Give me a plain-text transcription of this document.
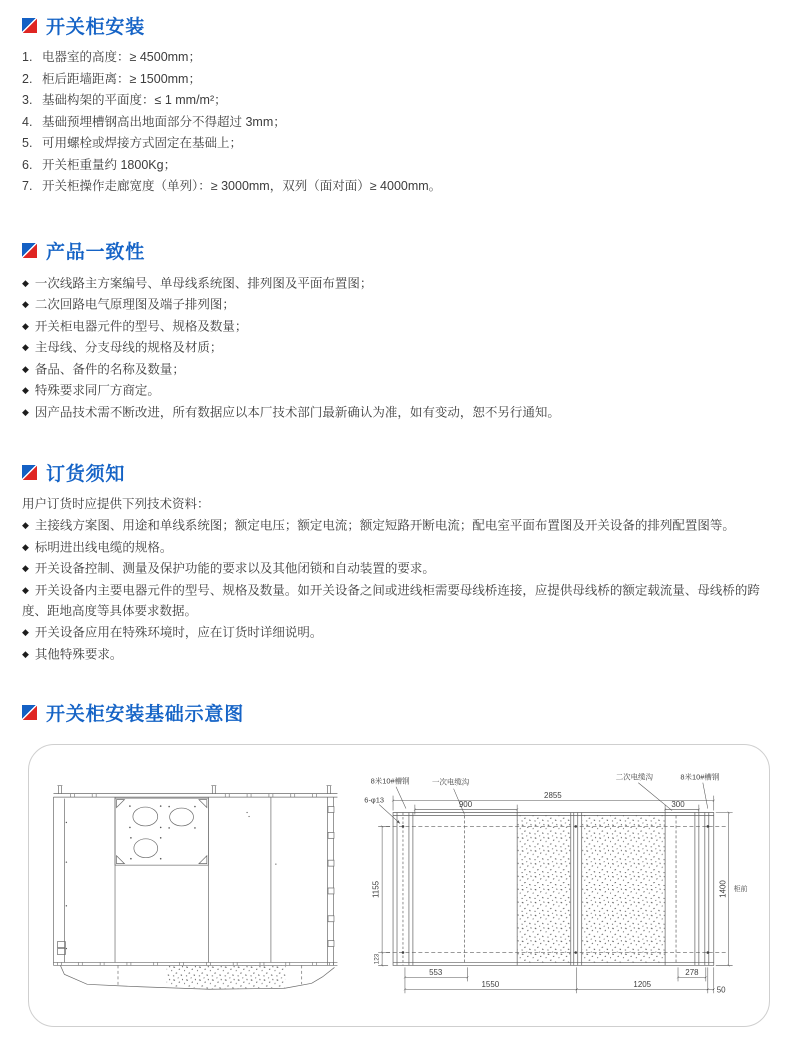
开关柜安装
1. 电器室的高度：≥ 4500mm；
2. 柜后距墙距离：≥ 1500mm；
3. 基础构架的平面度：≤ 1 mm/m²；
4. 基础预埋槽钢高出地面部分不得超过 3mm；
5. 可用螺栓或焊接方式固定在基础上；
6. 开关柜重量约 1800Kg；
7. 开关柜操作走廊宽度（单列）：≥ 3000mm，双列（面对面）≥ 4000mm。
产品一致性
◆ 一次线路主方案编号、单母线系统图、排列图及平面布置图；
◆ 二次回路电气原理图及端子排列图；
◆ 开关柜电器元件的型号、规格及数量；
◆ 主母线、分支母线的规格及材质；
◆ 备品、备件的名称及数量；
◆ 特殊要求同厂方商定。
◆ 因产品技术需不断改进，所有数据应以本厂技术部门最新确认为准，如有变动，恕不另行通知。
订货须知
用户订货时应提供下列技术资料：
◆ 主接线方案图、用途和单线系统图；额定电压；额定电流；额定短路开断电流；配电室平面布置图及开关设备的排列配置图等。
◆ 标明进出线电缆的规格。
◆ 开关设备控制、测量及保护功能的要求以及其他闭锁和自动装置的要求。
◆ 开关设备内主要电器元件的型号、规格及数量。如开关设备之间或进线柜需要母线桥连接，应提供母线桥的额定载流量、母线桥的跨度、距地高度等具体要求数据。
◆ 开关设备应用在特殊环境时，应在订货时详细说明。
◆ 其他特殊要求。
开关柜安装基础示意图
2855
900	300
1155
123
1400
553	278
1550	1205
50
8米10#槽钢	一次电缆沟
二次电缆沟	8米10#槽钢
6-φ13
柜前
